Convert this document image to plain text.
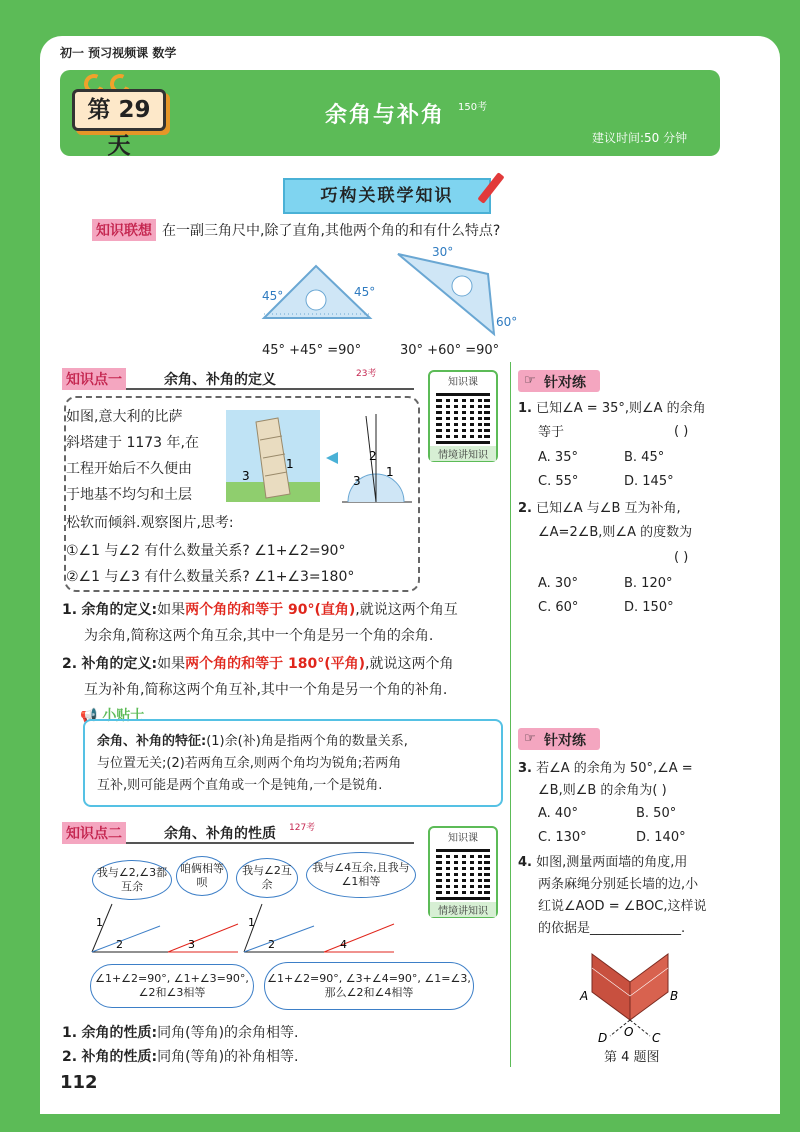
初一 预习视频课 数学
第 29 天
余角与补角 150考
建议时间:50 分钟
巧构关联学知识
知识联想 在一副三角尺中,除了直角,其他两个角的和有什么特点?
45°	45°
30°
60°
45° +45° =90°	30° +60° =90°
知识点一	余角、补角的定义	23考
知识课
情境讲知识
如图,意大利的比萨
斜塔建于 1173 年,在
工程开始后不久便由
于地基不均匀和土层
松软而倾斜.观察图片,思考:
①∠1 与∠2 有什么数量关系? ∠1+∠2=90°
②∠1 与∠3 有什么数量关系? ∠1+∠3=180°
3
1
3
1
2
1. 余角的定义:如果两个角的和等于 90°(直角),就说这两个角互
为余角,简称这两个角互余,其中一个角是另一个角的余角.
2. 补角的定义:如果两个角的和等于 180°(平角),就说这两个角
互为补角,简称这两个角互补,其中一个角是另一个角的补角.
📢 小贴士
余角、补角的特征:(1)余(补)角是指两个角的数量关系,
与位置无关;(2)若两角互余,则两个角均为锐角;若两角
互补,则可能是两个直角或一个是钝角,一个是锐角.
知识点二	余角、补角的性质 127考
知识课
情境讲知识
我与∠2,∠3都互余
咱俩相等呗
我与∠2互余
我与∠4互余,且我与∠1相等
1
2	3
1
2	4
∠1+∠2=90°, ∠1+∠3=90°, ∠2和∠3相等
∠1+∠2=90°, ∠3+∠4=90°, ∠1=∠3, 那么∠2和∠4相等
1. 余角的性质:同角(等角)的余角相等.
2. 补角的性质:同角(等角)的补角相等.
112
☞ 针对练
1. 已知∠A = 35°,则∠A 的余角
等于	( )
A. 35°	B. 45°
C. 55°	D. 145°
2. 已知∠A 与∠B 互为补角,
∠A=2∠B,则∠A 的度数为
( )
A. 30°	B. 120°
C. 60°	D. 150°
☞ 针对练
3. 若∠A 的余角为 50°,∠A =
∠B,则∠B 的余角为( )
A. 40°	B. 50°
C. 130°	D. 140°
4. 如图,测量两面墙的角度,用
两条麻绳分别延长墙的边,小
红说∠AOD = ∠BOC,这样说
的依据是______________.
A	B
D O C
第 4 题图
